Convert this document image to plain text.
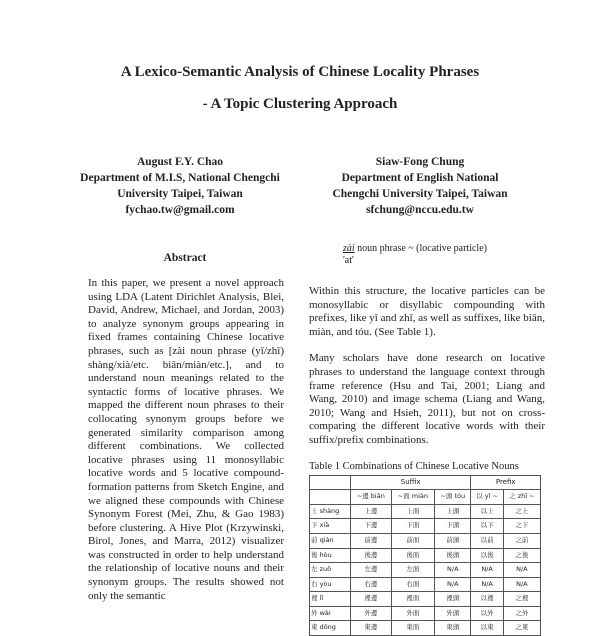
A Lexico-Semantic Analysis of Chinese Locality Phrases
- A Topic Clustering Approach
August F.Y. Chao
Department of M.I.S, National Chengchi
University Taipei, Taiwan
fychao.tw@gmail.com
Siaw-Fong Chung
Department of English National
Chengchi University Taipei, Taiwan
sfchung@nccu.edu.tw
Abstract
In this paper, we present a novel approach using LDA (Latent Dirichlet Analysis, Blei, David, Andrew, Michael, and Jordan, 2003) to analyze synonym groups appearing in fixed frames containing Chinese locative phrases, such as [zài noun phrase (yǐ/zhī) shàng/xià/etc. biān/miàn/etc.], and to understand noun meanings related to the syntactic forms of locative phrases. We mapped the different noun phrases to their collocating synonym groups before we generated similarity comparison among different combinations. We collected locative phrases using 11 monosyllabic locative words and 5 locative compound-formation patterns from Sketch Engine, and we aligned these compounds with Chinese Synonym Forest (Mei, Zhu, & Gao 1983) before clustering. A Hive Plot (Krzywinski, Birol, Jones, and Marra, 2012) visualizer was constructed in order to help understand the relationship of locative nouns and their synonym groups. The results showed not only the semantic
zài noun phrase ~ (locative particle)
'at'
Within this structure, the locative particles can be monosyllabic or disyllabic compounding with prefixes, like yǐ and zhī, as well as suffixes, like biān, miàn, and tóu. (See Table 1).
Many scholars have done research on locative phrases to understand the language context through frame reference (Hsu and Tai, 2001; Liang and Wang, 2010) and image schema (Liang and Wang, 2010; Wang and Hsieh, 2011), but not on cross-comparing the different locative words with their suffix/prefix combinations.
Table 1 Combinations of Chinese Locative Nouns
	Suffix			Prefix	
	~邊 biān	~面 miàn	~頭 tóu	以 yǐ ~	之 zhī ~
上 shàng	上邊	上面	上頭	以上	之上
下 xià	下邊	下面	下頭	以下	之下
前 qián	前邊	前面	前頭	以前	之前
後 hòu	後邊	後面	後頭	以後	之後
左 zuǒ	左邊	左面	N/A	N/A	N/A
右 yòu	右邊	右面	N/A	N/A	N/A
裡 lǐ	裡邊	裡面	裡頭	以裡	之裡
外 wài	外邊	外面	外頭	以外	之外
東 dōng	東邊	東面	東頭	以東	之東
